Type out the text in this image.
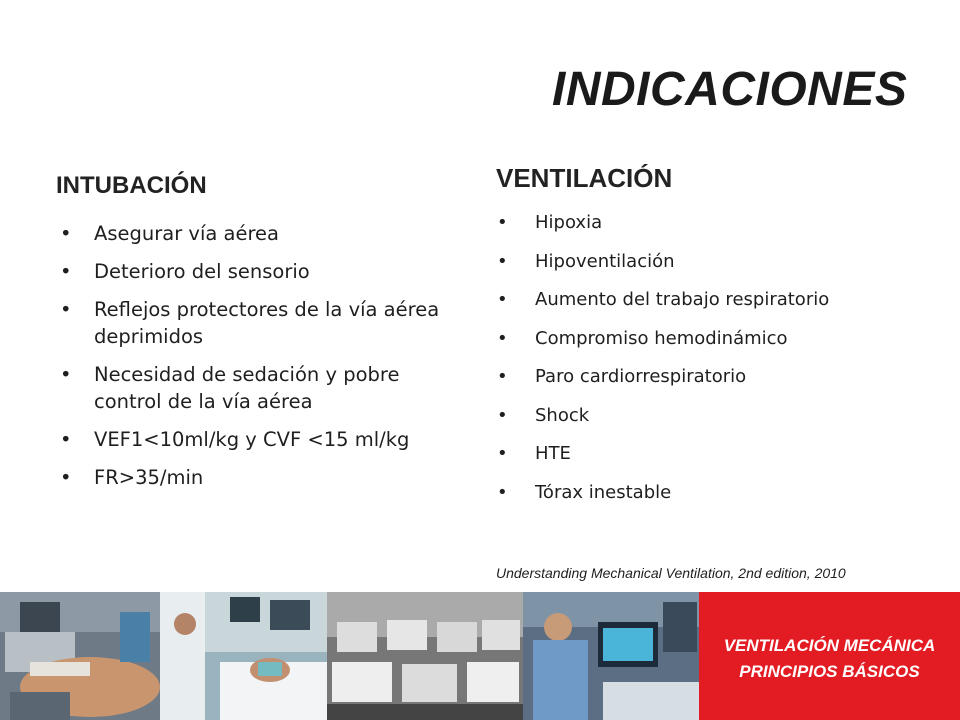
INDICACIONES
INTUBACIÓN
• Asegurar vía aérea
• Deterioro del sensorio
• Reflejos protectores de la vía aérea deprimidos
• Necesidad de sedación y pobre control de la vía aérea
• VEF1<10ml/kg y CVF <15 ml/kg
• FR>35/min
VENTILACIÓN
• Hipoxia
• Hipoventilación
• Aumento del trabajo respiratorio
• Compromiso hemodinámico
• Paro cardiorrespiratorio
• Shock
• HTE
• Tórax inestable

Understanding Mechanical Ventilation, 2nd edition, 2010

VENTILACIÓN MECÁNICA
PRINCIPIOS BÁSICOS
